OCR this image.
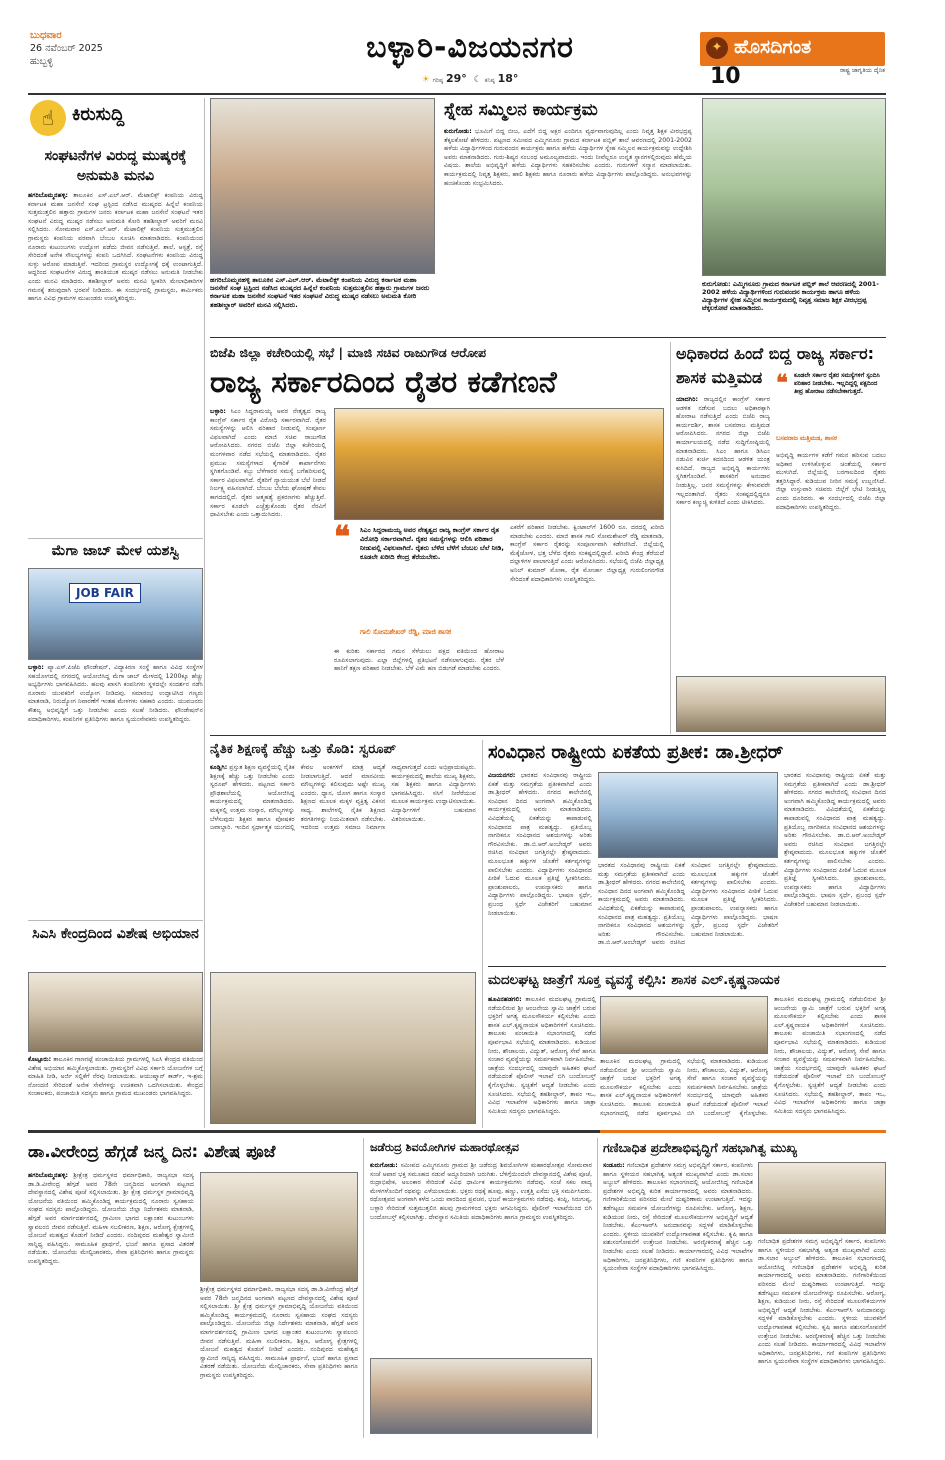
ಬುಧವಾರ
26 ನವೆಂಬರ್ 2025
ಹುಬ್ಬಳ್ಳಿ	ಬಳ್ಳಾರಿ-ವಿಜಯನಗರ
☀ ಗರಿಷ್ಠ 29° ☾ ಕನಿಷ್ಠ 18°
✦ ಹೊಸದಿಗಂತ
ರಾಷ್ಟ್ರ ಜಾಗೃತಿಯ ದೈನಿಕ
10
☝ ಕಿರುಸುದ್ದಿ
ಸಂಘಟನೆಗಳ ವಿರುದ್ಧ ಮುಷ್ಕರಕ್ಕೆ ಅನುಮತಿ ಮನವಿ
ಹಗರಿಬೊಮ್ಮನಹಳ್ಳಿ: ತಾಲೂಕಿನ ಎಸ್.ಎಲ್.ಆರ್. ಮೆಟಾಲಿಕ್ಸ್ ಕಂಪನಿಯ ವಿರುದ್ಧ ಕರ್ನಾಟಕ ಮಹಾ ಜನಸೇನೆ ಸಂಘ ಟ್ರಸ್ಟಿಂದ ನಡೆಸಿದ ಮುಷ್ಕರದ ಹಿನ್ನೆಲೆ ಕಂಪನಿಯ ಸುತ್ತಮುತ್ತಲಿನ ಹತ್ತಾರು ಗ್ರಾಮಗಳ ಜನರು ಕರ್ನಾಟಕ ಮಹಾ ಜನಸೇನೆ ಸಂಘಟನೆ ಇತರ ಸಂಘಟನೆ ವಿರುದ್ಧ ಮುಷ್ಕರ ನಡೆಸಲು ಅನುಮತಿ ಕೋರಿ ತಹಶೀಲ್ದಾರ್ ಅವರಿಗೆ ಮನವಿ ಸಲ್ಲಿಸಿದರು. ಸೋಮವಾರ ಎಸ್.ಎಲ್.ಆರ್. ಮೆಟಾಲಿಕ್ಸ್ ಕಂಪನಿಯ ಸುತ್ತಮುತ್ತಲಿನ ಗ್ರಾಮಸ್ಥರು ಕಂಪನಿಯ ಪರವಾಗಿ ಬೆಂಬಲ ಸೂಚಿಸಿ ಮಾತನಾಡಿದರು. ಕಂಪನಿಯಿಂದ ನೂರಾರು ಕುಟುಂಬಗಳು ಉದ್ಯೋಗ ಪಡೆದು ಜೀವನ ನಡೆಸುತ್ತಿವೆ. ಶಾಲೆ, ಆಸ್ಪತ್ರೆ, ರಸ್ತೆ ಸೇರಿದಂತೆ ಅನೇಕ ಸೌಲಭ್ಯಗಳನ್ನು ಕಂಪನಿ ಒದಗಿಸಿದೆ. ಸಂಘಟನೆಗಳು ಕಂಪನಿಯ ವಿರುದ್ಧ ಸುಳ್ಳು ಆರೋಪ ಮಾಡುತ್ತಿವೆ. ಇದರಿಂದ ಗ್ರಾಮಸ್ಥರ ಉದ್ಯೋಗಕ್ಕೆ ಧಕ್ಕೆ ಉಂಟಾಗುತ್ತಿದೆ. ಆದ್ದರಿಂದ ಸಂಘಟನೆಗಳ ವಿರುದ್ಧ ಶಾಂತಿಯುತ ಮುಷ್ಕರ ನಡೆಸಲು ಅನುಮತಿ ನೀಡಬೇಕು ಎಂದು ಮನವಿ ಮಾಡಿದರು. ತಹಶೀಲ್ದಾರ್ ಅವರು ಮನವಿ ಸ್ವೀಕರಿಸಿ ಮೇಲಾಧಿಕಾರಿಗಳ ಗಮನಕ್ಕೆ ತರುವುದಾಗಿ ಭರವಸೆ ನೀಡಿದರು. ಈ ಸಂದರ್ಭದಲ್ಲಿ ಗ್ರಾಮಸ್ಥರು, ಕಾರ್ಮಿಕರು ಹಾಗೂ ವಿವಿಧ ಗ್ರಾಮಗಳ ಮುಖಂಡರು ಉಪಸ್ಥಿತರಿದ್ದರು.
ಮೆಗಾ ಜಾಬ್ ಮೇಳ ಯಶಸ್ವಿ
JOB FAIR
ಬಳ್ಳಾರಿ: ಪ್ಯಾ.ಎಸ್.ಪಿಜೆಪಿ ಫೌಂಡೇಷನ್, ವಿದ್ಯಾಕಿರಣ ಸಂಸ್ಥೆ ಹಾಗೂ ವಿವಿಧ ಸಂಸ್ಥೆಗಳ ಸಹಯೋಗದಲ್ಲಿ ನಗರದಲ್ಲಿ ಆಯೋಜಿಸಿದ್ದ ಮೆಗಾ ಜಾಬ್ ಮೇಳದಲ್ಲಿ 1200ಕ್ಕೂ ಹೆಚ್ಚು ಅಭ್ಯರ್ಥಿಗಳು ಭಾಗವಹಿಸಿದರು. ಹಲವು ಖಾಸಗಿ ಕಂಪನಿಗಳು ಸ್ಥಳದಲ್ಲೇ ಸಂದರ್ಶನ ನಡೆಸಿ ನೂರಾರು ಯುವಕರಿಗೆ ಉದ್ಯೋಗ ನೀಡಿದವು. ಸಮಾರಂಭ ಉದ್ಘಾಟಿಸಿದ ಗಣ್ಯರು ಮಾತನಾಡಿ, ನಿರುದ್ಯೋಗ ನಿವಾರಣೆಗೆ ಇಂತಹ ಮೇಳಗಳು ಸಹಕಾರಿ ಎಂದರು. ಯುವಜನರು ಕೌಶಲ್ಯ ಅಭಿವೃದ್ಧಿಗೆ ಒತ್ತು ನೀಡಬೇಕು ಎಂದು ಸಲಹೆ ನೀಡಿದರು. ಫೌಂಡೇಷನ್‌ನ ಪದಾಧಿಕಾರಿಗಳು, ಕಂಪನಿಗಳ ಪ್ರತಿನಿಧಿಗಳು ಹಾಗೂ ಸ್ವಯಂಸೇವಕರು ಉಪಸ್ಥಿತರಿದ್ದರು.
ಸಿಎಸಿ ಕೇಂದ್ರದಿಂದ ವಿಶೇಷ ಅಭಿಯಾನ
ಕೊಟ್ಟೂರು: ತಾಲೂಕಿನ ಗಾಣಗಟ್ಟೆ ಪಂಚಾಯಿತಿಯ ಗ್ರಾಮಗಳಲ್ಲಿ ಸಿಎಸಿ ಕೇಂದ್ರದ ವತಿಯಿಂದ ವಿಶೇಷ ಅಭಿಯಾನ ಹಮ್ಮಿಕೊಳ್ಳಲಾಯಿತು. ಗ್ರಾಮಸ್ಥರಿಗೆ ವಿವಿಧ ಸರ್ಕಾರಿ ಯೋಜನೆಗಳ ಬಗ್ಗೆ ಮಾಹಿತಿ ನೀಡಿ, ಅರ್ಜಿ ಸಲ್ಲಿಕೆಗೆ ನೆರವು ನೀಡಲಾಯಿತು. ಆಯುಷ್ಮಾನ್ ಕಾರ್ಡ್, ಇ-ಶ್ರಮ ನೋಂದಣಿ ಸೇರಿದಂತೆ ಅನೇಕ ಸೇವೆಗಳನ್ನು ಉಚಿತವಾಗಿ ಒದಗಿಸಲಾಯಿತು. ಕೇಂದ್ರದ ಸಂಚಾಲಕರು, ಪಂಚಾಯಿತಿ ಸದಸ್ಯರು ಹಾಗೂ ಗ್ರಾಮದ ಮುಖಂಡರು ಭಾಗವಹಿಸಿದ್ದರು.
ಹಗರಿಬೊಮ್ಮನಹಳ್ಳಿ ತಾಲೂಕಿನ ಎಸ್.ಎಲ್.ಆರ್. ಮೆಟಾಲಿಕ್ಸ್ ಕಂಪನಿಯ ವಿರುದ್ಧ ಕರ್ನಾಟಕ ಮಹಾ ಜನಸೇನೆ ಸಂಘ ಟ್ರಸ್ಟಿಂದ ನಡೆಸಿದ ಮುಷ್ಕರದ ಹಿನ್ನೆಲೆ ಕಂಪನಿಯ ಸುತ್ತಮುತ್ತಲಿನ ಹತ್ತಾರು ಗ್ರಾಮಗಳ ಜನರು ಕರ್ನಾಟಕ ಮಹಾ ಜನಸೇನೆ ಸಂಘಟನೆ ಇತರ ಸಂಘಟನೆ ವಿರುದ್ಧ ಮುಷ್ಕರ ನಡೆಸಲು ಅನುಮತಿ ಕೋರಿ ತಹಶೀಲ್ದಾರ್ ಅವರಿಗೆ ಮನವಿ ಸಲ್ಲಿಸಿದರು.
ಸ್ನೇಹ ಸಮ್ಮಿಲನ ಕಾರ್ಯಕ್ರಮ
ಕುರುಗೋಡು: ಭೂಮಿಗೆ ಬಿದ್ದ ಬೀಜ, ಎದೆಗೆ ಬಿದ್ದ ಅಕ್ಷರ ಎಂದಿಗೂ ವ್ಯರ್ಥವಾಗುವುದಿಲ್ಲ ಎಂದು ನಿವೃತ್ತ ಶಿಕ್ಷಕ ವೀರಭದ್ರಪ್ಪ ತೆಕ್ಕಲಕೋಟೆ ಹೇಳಿದರು. ಪಟ್ಟಣದ ಸಮೀಪದ ಎಮ್ಮಿಗನೂರು ಗ್ರಾಮದ ಕರ್ನಾಟಕ ಪಬ್ಲಿಕ್ ಶಾಲೆ ಆವರಣದಲ್ಲಿ 2001-2002 ಹಳೆಯ ವಿದ್ಯಾರ್ಥಿಗಳಿಂದ ಗುರುವಂದನ ಕಾರ್ಯಕ್ರಮ ಹಾಗೂ ಹಳೆಯ ವಿದ್ಯಾರ್ಥಿಗಳ ಸ್ನೇಹ ಸಮ್ಮಿಲನ ಕಾರ್ಯಕ್ರಮವನ್ನು ಉದ್ದೇಶಿಸಿ ಅವರು ಮಾತನಾಡಿದರು. ಗುರು-ಶಿಷ್ಯರ ಸಂಬಂಧ ಅಮೂಲ್ಯವಾದುದು. ಇಂದು ನೀವೆಲ್ಲರೂ ಉನ್ನತ ಸ್ಥಾನಗಳಲ್ಲಿರುವುದು ಹೆಮ್ಮೆಯ ವಿಷಯ. ಶಾಲೆಯ ಅಭಿವೃದ್ಧಿಗೆ ಹಳೆಯ ವಿದ್ಯಾರ್ಥಿಗಳು ಸಹಕರಿಸಬೇಕು ಎಂದರು. ಗುರುಗಳಿಗೆ ಸನ್ಮಾನ ಮಾಡಲಾಯಿತು. ಕಾರ್ಯಕ್ರಮದಲ್ಲಿ ನಿವೃತ್ತ ಶಿಕ್ಷಕರು, ಹಾಲಿ ಶಿಕ್ಷಕರು ಹಾಗೂ ನೂರಾರು ಹಳೆಯ ವಿದ್ಯಾರ್ಥಿಗಳು ಪಾಲ್ಗೊಂಡಿದ್ದರು. ಅನುಭವಗಳನ್ನು ಹಂಚಿಕೊಂಡು ಸಂಭ್ರಮಿಸಿದರು.
ಕುರುಗೋಡು: ಎಮ್ಮಿಗನೂರು ಗ್ರಾಮದ ಕರ್ನಾಟಕ ಪಬ್ಲಿಕ್ ಶಾಲೆ ಆವರಣದಲ್ಲಿ 2001-2002 ಹಳೆಯ ವಿದ್ಯಾರ್ಥಿಗಳಿಂದ ಗುರುವಂದನ ಕಾರ್ಯಕ್ರಮ ಹಾಗೂ ಹಳೆಯ ವಿದ್ಯಾರ್ಥಿಗಳ ಸ್ನೇಹ ಸಮ್ಮಿಲನ ಕಾರ್ಯಕ್ರಮದಲ್ಲಿ ನಿವೃತ್ತ ಸಮಾಜ ಶಿಕ್ಷಕ ವೀರಭದ್ರಪ್ಪ ಟೆಕ್ಕಲಕೋಟೆ ಮಾತನಾಡಿದರು.
ಬಿಜೆಪಿ ಜಿಲ್ಲಾ ಕಚೇರಿಯಲ್ಲಿ ಸಭೆ | ಮಾಜಿ ಸಚಿವ ರಾಜುಗೌಡ ಆರೋಪ
ರಾಜ್ಯ ಸರ್ಕಾರದಿಂದ ರೈತರ ಕಡೆಗಣನೆ
ಬಳ್ಳಾರಿ: ಸಿಎಂ ಸಿದ್ದರಾಮಯ್ಯ ಅವರ ನೇತೃತ್ವದ ರಾಜ್ಯ ಕಾಂಗ್ರೆಸ್ ಸರ್ಕಾರ ರೈತ ವಿರೋಧಿ ಸರ್ಕಾರವಾಗಿದೆ. ರೈತರ ಸಮಸ್ಯೆಗಳನ್ನು ಆಲಿಸಿ ಪರಿಹಾರ ನೀಡುವಲ್ಲಿ ಸಂಪೂರ್ಣ ವಿಫಲವಾಗಿದೆ ಎಂದು ಮಾಜಿ ಸಚಿವ ರಾಜುಗೌಡ ಆರೋಪಿಸಿದರು. ನಗರದ ಬಿಜೆಪಿ ಜಿಲ್ಲಾ ಕಚೇರಿಯಲ್ಲಿ ಮಂಗಳವಾರ ನಡೆದ ಸಭೆಯಲ್ಲಿ ಮಾತನಾಡಿದರು. ರೈತರ ಪ್ರಮುಖ ಸಮಸ್ಯೆಗಳಾದ ಕೈಗಾರಿಕೆ ಕಾರ್ಖಾನೆಗಳು ಸ್ಥಗಿತಗೊಂಡಿವೆ. ಕಬ್ಬು ಬೆಳೆಗಾರರ ಸಮಸ್ಯೆ ಬಗೆಹರಿಸುವಲ್ಲಿ ಸರ್ಕಾರ ವಿಫಲವಾಗಿದೆ. ರೈತರಿಗೆ ನ್ಯಾಯಯುತ ಬೆಲೆ ನೀಡದೆ ನಿರ್ಲಕ್ಷ್ಯ ವಹಿಸಲಾಗಿದೆ. ಬೆಂಬಲ ಬೆಲೆಯ ಘೋಷಣೆ ಕೇವಲ ಕಾಗದದಲ್ಲಿದೆ. ರೈತರ ಆತ್ಮಹತ್ಯೆ ಪ್ರಕರಣಗಳು ಹೆಚ್ಚುತ್ತಿವೆ. ಸರ್ಕಾರ ಕೂಡಲೇ ಎಚ್ಚೆತ್ತುಕೊಂಡು ರೈತರ ನೆರವಿಗೆ ಧಾವಿಸಬೇಕು ಎಂದು ಒತ್ತಾಯಿಸಿದರು.
❝ ಸಿಎಂ ಸಿದ್ದರಾಮಯ್ಯ ಅವರ ನೇತೃತ್ವದ ರಾಜ್ಯ ಕಾಂಗ್ರೆಸ್ ಸರ್ಕಾರ ರೈತ ವಿರೋಧಿ ಸರ್ಕಾರವಾಗಿದೆ. ರೈತರ ಸಮಸ್ಯೆಗಳನ್ನು ಆಲಿಸಿ ಪರಿಹಾರ ನೀಡುವಲ್ಲಿ ವಿಫಲವಾಗಿದೆ. ರೈತರು ಬೆಳೆದ ಬೆಳೆಗೆ ಬೆಂಬಲ ಬೆಲೆ ನೀಡಿ, ಕೂಡಲೇ ಖರೀದಿ ಕೇಂದ್ರ ತೆರೆಯಬೇಕು.
ಗಾಲಿ ಸೋಮಶೇಖರ್ ರೆಡ್ಡಿ, ಮಾಜಿ ಶಾಸಕ
ಎಕರೆಗೆ ಪರಿಹಾರ ನೀಡಬೇಕು. ಕ್ವಿಂಟಾಲ್‌ಗೆ 1600 ರೂ. ದರದಲ್ಲಿ ಖರೀದಿ ಮಾಡಬೇಕು ಎಂದರು. ಮಾಜಿ ಶಾಸಕ ಗಾಲಿ ಸೋಮಶೇಖರ್ ರೆಡ್ಡಿ ಮಾತನಾಡಿ, ಕಾಂಗ್ರೆಸ್ ಸರ್ಕಾರ ರೈತರನ್ನು ಸಂಪೂರ್ಣವಾಗಿ ಕಡೆಗಣಿಸಿದೆ. ಜಿಲ್ಲೆಯಲ್ಲಿ ಮೆಕ್ಕೆಜೋಳ, ಭತ್ತ ಬೆಳೆದ ರೈತರು ಸಂಕಷ್ಟದಲ್ಲಿದ್ದಾರೆ. ಖರೀದಿ ಕೇಂದ್ರ ತೆರೆಯದೆ ದಲ್ಲಾಳಿಗಳ ಪಾಲಾಗುತ್ತಿದೆ ಎಂದು ಆರೋಪಿಸಿದರು. ಸಭೆಯಲ್ಲಿ ಬಿಜೆಪಿ ಜಿಲ್ಲಾಧ್ಯಕ್ಷ ಅನಿಲ್ ಕುಮಾರ್ ಮೋಕಾ, ರೈತ ಮೋರ್ಚಾ ಜಿಲ್ಲಾಧ್ಯಕ್ಷ ಗುರುಲಿಂಗನಗೌಡ ಸೇರಿದಂತೆ ಪದಾಧಿಕಾರಿಗಳು ಉಪಸ್ಥಿತರಿದ್ದರು.
ಈ ಕುರಿತು ಸರ್ಕಾರದ ಗಮನ ಸೆಳೆಯಲು ಪಕ್ಷದ ವತಿಯಿಂದ ಹೋರಾಟ ರೂಪಿಸಲಾಗುವುದು. ಎಲ್ಲಾ ಜಿಲ್ಲೆಗಳಲ್ಲಿ ಪ್ರತಿಭಟನೆ ನಡೆಸಲಾಗುವುದು. ರೈತರ ಬೆಳೆ ಹಾನಿಗೆ ತಕ್ಷಣ ಪರಿಹಾರ ನೀಡಬೇಕು. ಬೆಳೆ ವಿಮೆ ಹಣ ಬಿಡುಗಡೆ ಮಾಡಬೇಕು ಎಂದರು.
ಅಧಿಕಾರದ ಹಿಂದೆ ಬಿದ್ದ ರಾಜ್ಯ ಸರ್ಕಾರ: ಶಾಸಕ ಮತ್ತಿಮಡ
ಯಾದಗಿರಿ: ರಾಜ್ಯದಲ್ಲಿನ ಕಾಂಗ್ರೆಸ್ ಸರ್ಕಾರ ಆಡಳಿತ ನಡೆಸುವ ಬದಲು ಅಧಿಕಾರಕ್ಕಾಗಿ ಹೋರಾಟ ನಡೆಸುತ್ತಿದೆ ಎಂದು ಬಿಜೆಪಿ ರಾಜ್ಯ ಕಾರ್ಯದರ್ಶಿ, ಶಾಸಕ ಬಸವರಾಜ ಮತ್ತಿಮಡ ಆರೋಪಿಸಿದರು. ನಗರದ ಜಿಲ್ಲಾ ಬಿಜೆಪಿ ಕಾರ್ಯಾಲಯದಲ್ಲಿ ನಡೆದ ಸುದ್ದಿಗೋಷ್ಠಿಯಲ್ಲಿ ಮಾತನಾಡಿದರು. ಸಿಎಂ ಹಾಗೂ ಡಿಸಿಎಂ ನಡುವಿನ ಕುರ್ಚಿ ಕದನದಿಂದ ಆಡಳಿತ ಯಂತ್ರ ಕುಸಿದಿದೆ. ರಾಜ್ಯದ ಅಭಿವೃದ್ಧಿ ಕಾರ್ಯಗಳು ಸ್ಥಗಿತಗೊಂಡಿವೆ. ಶಾಸಕರಿಗೆ ಅನುದಾನ ನೀಡುತ್ತಿಲ್ಲ. ಜನರ ಸಮಸ್ಯೆಗಳನ್ನು ಕೇಳುವವರೇ ಇಲ್ಲದಂತಾಗಿದೆ. ರೈತರು ಸಂಕಷ್ಟದಲ್ಲಿದ್ದರೂ ಸರ್ಕಾರ ಕಣ್ಮುಚ್ಚಿ ಕುಳಿತಿದೆ ಎಂದು ಟೀಕಿಸಿದರು.
❝ ಕೂಡಲೇ ಸರ್ಕಾರ ರೈತರ ಸಮಸ್ಯೆಗಳಿಗೆ ಸ್ಪಂದಿಸಿ ಪರಿಹಾರ ನೀಡಬೇಕು. ಇಲ್ಲದಿದ್ದಲ್ಲಿ ಪಕ್ಷದಿಂದ ತೀವ್ರ ಹೋರಾಟ ನಡೆಸಬೇಕಾಗುತ್ತದೆ.
ಬಸವರಾಜ ಮತ್ತಿಮಡ, ಶಾಸಕ
ಅಭಿವೃದ್ಧಿ ಕಾರ್ಯಗಳ ಕಡೆಗೆ ಗಮನ ಹರಿಸುವ ಬದಲು ಅಧಿಕಾರ ಉಳಿಸಿಕೊಳ್ಳುವ ಚಿಂತೆಯಲ್ಲಿ ಸರ್ಕಾರ ಮುಳುಗಿದೆ. ಜಿಲ್ಲೆಯಲ್ಲಿ ಬರಗಾಲದಿಂದ ರೈತರು ತತ್ತರಿಸಿದ್ದಾರೆ. ಕುಡಿಯುವ ನೀರಿನ ಸಮಸ್ಯೆ ಉಲ್ಬಣಿಸಿದೆ. ಜಿಲ್ಲಾ ಉಸ್ತುವಾರಿ ಸಚಿವರು ಜಿಲ್ಲೆಗೆ ಭೇಟಿ ನೀಡುತ್ತಿಲ್ಲ ಎಂದು ದೂರಿದರು. ಈ ಸಂದರ್ಭದಲ್ಲಿ ಬಿಜೆಪಿ ಜಿಲ್ಲಾ ಪದಾಧಿಕಾರಿಗಳು ಉಪಸ್ಥಿತರಿದ್ದರು.
ನೈತಿಕ ಶಿಕ್ಷಣಕ್ಕೆ ಹೆಚ್ಚು ಒತ್ತು ಕೊಡಿ: ಸ್ವರೂಪ್
ಕೂಡ್ಲಿಗಿ: ಪ್ರಸ್ತುತ ಶಿಕ್ಷಣ ವ್ಯವಸ್ಥೆಯಲ್ಲಿ ನೈತಿಕ ಶಿಕ್ಷಣಕ್ಕೆ ಹೆಚ್ಚು ಒತ್ತು ನೀಡಬೇಕು ಎಂದು ಸ್ವರೂಪ್ ಹೇಳಿದರು. ಪಟ್ಟಣದ ಸರ್ಕಾರಿ ಪ್ರೌಢಶಾಲೆಯಲ್ಲಿ ಆಯೋಜಿಸಿದ್ದ ಕಾರ್ಯಕ್ರಮದಲ್ಲಿ ಮಾತನಾಡಿದರು. ಮಕ್ಕಳಲ್ಲಿ ಉತ್ತಮ ಸಂಸ್ಕಾರ, ಮೌಲ್ಯಗಳನ್ನು ಬೆಳೆಸುವುದು ಶಿಕ್ಷಕರ ಹಾಗೂ ಪೋಷಕರ ಜವಾಬ್ದಾರಿ. ಇಂದಿನ ಸ್ಪರ್ಧಾತ್ಮಕ ಯುಗದಲ್ಲಿ ಕೇವಲ ಅಂಕಗಳಿಗೆ ಮಾತ್ರ ಆದ್ಯತೆ ನೀಡಲಾಗುತ್ತಿದೆ. ಆದರೆ ಮಾನವೀಯ ಮೌಲ್ಯಗಳನ್ನು ಕಲಿಸುವುದು ಅಷ್ಟೇ ಮುಖ್ಯ ಎಂದರು. ಧ್ಯಾನ, ಯೋಗ ಹಾಗೂ ಸಂಸ್ಕಾರ ಶಿಕ್ಷಣದ ಮೂಲಕ ಮಕ್ಕಳ ವ್ಯಕ್ತಿತ್ವ ವಿಕಸನ ಸಾಧ್ಯ. ಶಾಲೆಗಳಲ್ಲಿ ನೈತಿಕ ಶಿಕ್ಷಣದ ತರಗತಿಗಳನ್ನು ನಿಯಮಿತವಾಗಿ ನಡೆಸಬೇಕು. ಇದರಿಂದ ಉತ್ತಮ ಸಮಾಜ ನಿರ್ಮಾಣ ಸಾಧ್ಯವಾಗುತ್ತದೆ ಎಂದು ಅಭಿಪ್ರಾಯಪಟ್ಟರು. ಕಾರ್ಯಕ್ರಮದಲ್ಲಿ ಶಾಲೆಯ ಮುಖ್ಯ ಶಿಕ್ಷಕರು, ಸಹ ಶಿಕ್ಷಕರು ಹಾಗೂ ವಿದ್ಯಾರ್ಥಿಗಳು ಭಾಗವಹಿಸಿದ್ದರು. ಸಸಿಗೆ ನೀರೆರೆಯುವ ಮೂಲಕ ಕಾರ್ಯಕ್ರಮ ಉದ್ಘಾಟಿಸಲಾಯಿತು. ವಿದ್ಯಾರ್ಥಿಗಳಿಗೆ ಬಹುಮಾನ ವಿತರಿಸಲಾಯಿತು.
ಸಂವಿಧಾನ ರಾಷ್ಟ್ರೀಯ ಏಕತೆಯ ಪ್ರತೀಕ: ಡಾ.ಶ್ರೀಧರ್
ವಿಜಯನಗರ: ಭಾರತದ ಸಂವಿಧಾನವು ರಾಷ್ಟ್ರೀಯ ಏಕತೆ ಮತ್ತು ಸಮಗ್ರತೆಯ ಪ್ರತೀಕವಾಗಿದೆ ಎಂದು ಡಾ.ಶ್ರೀಧರ್ ಹೇಳಿದರು. ನಗರದ ಕಾಲೇಜಿನಲ್ಲಿ ಸಂವಿಧಾನ ದಿನದ ಅಂಗವಾಗಿ ಹಮ್ಮಿಕೊಂಡಿದ್ದ ಕಾರ್ಯಕ್ರಮದಲ್ಲಿ ಅವರು ಮಾತನಾಡಿದರು. ವಿವಿಧತೆಯಲ್ಲಿ ಏಕತೆಯನ್ನು ಕಾಪಾಡುವಲ್ಲಿ ಸಂವಿಧಾನದ ಪಾತ್ರ ಮಹತ್ವದ್ದು. ಪ್ರತಿಯೊಬ್ಬ ನಾಗರಿಕನೂ ಸಂವಿಧಾನದ ಆಶಯಗಳನ್ನು ಅರಿತು ಗೌರವಿಸಬೇಕು. ಡಾ.ಬಿ.ಆರ್.ಅಂಬೇಡ್ಕರ್ ಅವರು ರಚಿಸಿದ ಸಂವಿಧಾನ ಜಗತ್ತಿನಲ್ಲೇ ಶ್ರೇಷ್ಠವಾದುದು. ಮೂಲಭೂತ ಹಕ್ಕುಗಳ ಜೊತೆಗೆ ಕರ್ತವ್ಯಗಳನ್ನು ಪಾಲಿಸಬೇಕು ಎಂದರು. ವಿದ್ಯಾರ್ಥಿಗಳು ಸಂವಿಧಾನದ ಪೀಠಿಕೆ ಓದುವ ಮೂಲಕ ಪ್ರತಿಜ್ಞೆ ಸ್ವೀಕರಿಸಿದರು. ಪ್ರಾಂಶುಪಾಲರು, ಉಪನ್ಯಾಸಕರು ಹಾಗೂ ವಿದ್ಯಾರ್ಥಿಗಳು ಪಾಲ್ಗೊಂಡಿದ್ದರು. ಭಾಷಣ ಸ್ಪರ್ಧೆ, ಪ್ರಬಂಧ ಸ್ಪರ್ಧೆ ವಿಜೇತರಿಗೆ ಬಹುಮಾನ ನೀಡಲಾಯಿತು.
ಭಾರತದ ಸಂವಿಧಾನವು ರಾಷ್ಟ್ರೀಯ ಏಕತೆ ಮತ್ತು ಸಮಗ್ರತೆಯ ಪ್ರತೀಕವಾಗಿದೆ ಎಂದು ಡಾ.ಶ್ರೀಧರ್ ಹೇಳಿದರು. ನಗರದ ಕಾಲೇಜಿನಲ್ಲಿ ಸಂವಿಧಾನ ದಿನದ ಅಂಗವಾಗಿ ಹಮ್ಮಿಕೊಂಡಿದ್ದ ಕಾರ್ಯಕ್ರಮದಲ್ಲಿ ಅವರು ಮಾತನಾಡಿದರು. ವಿವಿಧತೆಯಲ್ಲಿ ಏಕತೆಯನ್ನು ಕಾಪಾಡುವಲ್ಲಿ ಸಂವಿಧಾನದ ಪಾತ್ರ ಮಹತ್ವದ್ದು. ಪ್ರತಿಯೊಬ್ಬ ನಾಗರಿಕನೂ ಸಂವಿಧಾನದ ಆಶಯಗಳನ್ನು ಅರಿತು ಗೌರವಿಸಬೇಕು. ಡಾ.ಬಿ.ಆರ್.ಅಂಬೇಡ್ಕರ್ ಅವರು ರಚಿಸಿದ ಸಂವಿಧಾನ ಜಗತ್ತಿನಲ್ಲೇ ಶ್ರೇಷ್ಠವಾದುದು. ಮೂಲಭೂತ ಹಕ್ಕುಗಳ ಜೊತೆಗೆ ಕರ್ತವ್ಯಗಳನ್ನು ಪಾಲಿಸಬೇಕು ಎಂದರು. ವಿದ್ಯಾರ್ಥಿಗಳು ಸಂವಿಧಾನದ ಪೀಠಿಕೆ ಓದುವ ಮೂಲಕ ಪ್ರತಿಜ್ಞೆ ಸ್ವೀಕರಿಸಿದರು. ಪ್ರಾಂಶುಪಾಲರು, ಉಪನ್ಯಾಸಕರು ಹಾಗೂ ವಿದ್ಯಾರ್ಥಿಗಳು ಪಾಲ್ಗೊಂಡಿದ್ದರು. ಭಾಷಣ ಸ್ಪರ್ಧೆ, ಪ್ರಬಂಧ ಸ್ಪರ್ಧೆ ವಿಜೇತರಿಗೆ ಬಹುಮಾನ ನೀಡಲಾಯಿತು.
ಭಾರತದ ಸಂವಿಧಾನವು ರಾಷ್ಟ್ರೀಯ ಏಕತೆ ಮತ್ತು ಸಮಗ್ರತೆಯ ಪ್ರತೀಕವಾಗಿದೆ ಎಂದು ಡಾ.ಶ್ರೀಧರ್ ಹೇಳಿದರು. ನಗರದ ಕಾಲೇಜಿನಲ್ಲಿ ಸಂವಿಧಾನ ದಿನದ ಅಂಗವಾಗಿ ಹಮ್ಮಿಕೊಂಡಿದ್ದ ಕಾರ್ಯಕ್ರಮದಲ್ಲಿ ಅವರು ಮಾತನಾಡಿದರು. ವಿವಿಧತೆಯಲ್ಲಿ ಏಕತೆಯನ್ನು ಕಾಪಾಡುವಲ್ಲಿ ಸಂವಿಧಾನದ ಪಾತ್ರ ಮಹತ್ವದ್ದು. ಪ್ರತಿಯೊಬ್ಬ ನಾಗರಿಕನೂ ಸಂವಿಧಾನದ ಆಶಯಗಳನ್ನು ಅರಿತು ಗೌರವಿಸಬೇಕು. ಡಾ.ಬಿ.ಆರ್.ಅಂಬೇಡ್ಕರ್ ಅವರು ರಚಿಸಿದ ಸಂವಿಧಾನ ಜಗತ್ತಿನಲ್ಲೇ ಶ್ರೇಷ್ಠವಾದುದು. ಮೂಲಭೂತ ಹಕ್ಕುಗಳ ಜೊತೆಗೆ ಕರ್ತವ್ಯಗಳನ್ನು ಪಾಲಿಸಬೇಕು ಎಂದರು. ವಿದ್ಯಾರ್ಥಿಗಳು ಸಂವಿಧಾನದ ಪೀಠಿಕೆ ಓದುವ ಮೂಲಕ ಪ್ರತಿಜ್ಞೆ ಸ್ವೀಕರಿಸಿದರು. ಪ್ರಾಂಶುಪಾಲರು, ಉಪನ್ಯಾಸಕರು ಹಾಗೂ ವಿದ್ಯಾರ್ಥಿಗಳು ಪಾಲ್ಗೊಂಡಿದ್ದರು. ಭಾಷಣ ಸ್ಪರ್ಧೆ, ಪ್ರಬಂಧ ಸ್ಪರ್ಧೆ ವಿಜೇತರಿಗೆ ಬಹುಮಾನ ನೀಡಲಾಯಿತು.
ಮದಲಘಟ್ಟ ಜಾತ್ರೆಗೆ ಸೂಕ್ತ ವ್ಯವಸ್ಥೆ ಕಲ್ಪಿಸಿ: ಶಾಸಕ ಎಲ್.ಕೃಷ್ಣನಾಯಕ
ಹೂವಿನಹಡಗಲಿ: ತಾಲೂಕಿನ ಮದಲಘಟ್ಟ ಗ್ರಾಮದಲ್ಲಿ ನಡೆಯಲಿರುವ ಶ್ರೀ ಆಂಜನೇಯ ಸ್ವಾಮಿ ಜಾತ್ರೆಗೆ ಬರುವ ಭಕ್ತರಿಗೆ ಅಗತ್ಯ ಮೂಲಸೌಕರ್ಯ ಕಲ್ಪಿಸಬೇಕು ಎಂದು ಶಾಸಕ ಎಲ್.ಕೃಷ್ಣನಾಯಕ ಅಧಿಕಾರಿಗಳಿಗೆ ಸೂಚಿಸಿದರು. ತಾಲೂಕು ಪಂಚಾಯಿತಿ ಸಭಾಂಗಣದಲ್ಲಿ ನಡೆದ ಪೂರ್ವಭಾವಿ ಸಭೆಯಲ್ಲಿ ಮಾತನಾಡಿದರು. ಕುಡಿಯುವ ನೀರು, ಶೌಚಾಲಯ, ವಿದ್ಯುತ್, ಆರೋಗ್ಯ ಸೇವೆ ಹಾಗೂ ಸಂಚಾರ ವ್ಯವಸ್ಥೆಯನ್ನು ಸಮರ್ಪಕವಾಗಿ ನಿರ್ವಹಿಸಬೇಕು. ಜಾತ್ರೆಯ ಸಂದರ್ಭದಲ್ಲಿ ಯಾವುದೇ ಅಹಿತಕರ ಘಟನೆ ನಡೆಯದಂತೆ ಪೊಲೀಸ್ ಇಲಾಖೆ ಬಿಗಿ ಬಂದೋಬಸ್ತ್ ಕೈಗೊಳ್ಳಬೇಕು. ಸ್ವಚ್ಛತೆಗೆ ಆದ್ಯತೆ ನೀಡಬೇಕು ಎಂದು ಸೂಚಿಸಿದರು. ಸಭೆಯಲ್ಲಿ ತಹಶೀಲ್ದಾರ್, ತಾಪಂ ಇಒ, ವಿವಿಧ ಇಲಾಖೆಗಳ ಅಧಿಕಾರಿಗಳು ಹಾಗೂ ಜಾತ್ರಾ ಸಮಿತಿಯ ಸದಸ್ಯರು ಭಾಗವಹಿಸಿದ್ದರು.
ತಾಲೂಕಿನ ಮದಲಘಟ್ಟ ಗ್ರಾಮದಲ್ಲಿ ನಡೆಯಲಿರುವ ಶ್ರೀ ಆಂಜನೇಯ ಸ್ವಾಮಿ ಜಾತ್ರೆಗೆ ಬರುವ ಭಕ್ತರಿಗೆ ಅಗತ್ಯ ಮೂಲಸೌಕರ್ಯ ಕಲ್ಪಿಸಬೇಕು ಎಂದು ಶಾಸಕ ಎಲ್.ಕೃಷ್ಣನಾಯಕ ಅಧಿಕಾರಿಗಳಿಗೆ ಸೂಚಿಸಿದರು. ತಾಲೂಕು ಪಂಚಾಯಿತಿ ಸಭಾಂಗಣದಲ್ಲಿ ನಡೆದ ಪೂರ್ವಭಾವಿ ಸಭೆಯಲ್ಲಿ ಮಾತನಾಡಿದರು. ಕುಡಿಯುವ ನೀರು, ಶೌಚಾಲಯ, ವಿದ್ಯುತ್, ಆರೋಗ್ಯ ಸೇವೆ ಹಾಗೂ ಸಂಚಾರ ವ್ಯವಸ್ಥೆಯನ್ನು ಸಮರ್ಪಕವಾಗಿ ನಿರ್ವಹಿಸಬೇಕು. ಜಾತ್ರೆಯ ಸಂದರ್ಭದಲ್ಲಿ ಯಾವುದೇ ಅಹಿತಕರ ಘಟನೆ ನಡೆಯದಂತೆ ಪೊಲೀಸ್ ಇಲಾಖೆ ಬಿಗಿ ಬಂದೋಬಸ್ತ್ ಕೈಗೊಳ್ಳಬೇಕು.
ತಾಲೂಕಿನ ಮದಲಘಟ್ಟ ಗ್ರಾಮದಲ್ಲಿ ನಡೆಯಲಿರುವ ಶ್ರೀ ಆಂಜನೇಯ ಸ್ವಾಮಿ ಜಾತ್ರೆಗೆ ಬರುವ ಭಕ್ತರಿಗೆ ಅಗತ್ಯ ಮೂಲಸೌಕರ್ಯ ಕಲ್ಪಿಸಬೇಕು ಎಂದು ಶಾಸಕ ಎಲ್.ಕೃಷ್ಣನಾಯಕ ಅಧಿಕಾರಿಗಳಿಗೆ ಸೂಚಿಸಿದರು. ತಾಲೂಕು ಪಂಚಾಯಿತಿ ಸಭಾಂಗಣದಲ್ಲಿ ನಡೆದ ಪೂರ್ವಭಾವಿ ಸಭೆಯಲ್ಲಿ ಮಾತನಾಡಿದರು. ಕುಡಿಯುವ ನೀರು, ಶೌಚಾಲಯ, ವಿದ್ಯುತ್, ಆರೋಗ್ಯ ಸೇವೆ ಹಾಗೂ ಸಂಚಾರ ವ್ಯವಸ್ಥೆಯನ್ನು ಸಮರ್ಪಕವಾಗಿ ನಿರ್ವಹಿಸಬೇಕು. ಜಾತ್ರೆಯ ಸಂದರ್ಭದಲ್ಲಿ ಯಾವುದೇ ಅಹಿತಕರ ಘಟನೆ ನಡೆಯದಂತೆ ಪೊಲೀಸ್ ಇಲಾಖೆ ಬಿಗಿ ಬಂದೋಬಸ್ತ್ ಕೈಗೊಳ್ಳಬೇಕು. ಸ್ವಚ್ಛತೆಗೆ ಆದ್ಯತೆ ನೀಡಬೇಕು ಎಂದು ಸೂಚಿಸಿದರು. ಸಭೆಯಲ್ಲಿ ತಹಶೀಲ್ದಾರ್, ತಾಪಂ ಇಒ, ವಿವಿಧ ಇಲಾಖೆಗಳ ಅಧಿಕಾರಿಗಳು ಹಾಗೂ ಜಾತ್ರಾ ಸಮಿತಿಯ ಸದಸ್ಯರು ಭಾಗವಹಿಸಿದ್ದರು.
ಡಾ.ವೀರೇಂದ್ರ ಹೆಗ್ಗಡೆ ಜನ್ಮ ದಿನ: ವಿಶೇಷ ಪೂಜೆ
ಹಗರಿಬೊಮ್ಮನಹಳ್ಳಿ: ಶ್ರೀಕ್ಷೇತ್ರ ಧರ್ಮಸ್ಥಳದ ಧರ್ಮಾಧಿಕಾರಿ, ರಾಜ್ಯಸಭಾ ಸದಸ್ಯ ಡಾ.ಡಿ.ವೀರೇಂದ್ರ ಹೆಗ್ಗಡೆ ಅವರ 78ನೇ ಜನ್ಮದಿನದ ಅಂಗವಾಗಿ ಪಟ್ಟಣದ ದೇವಸ್ಥಾನದಲ್ಲಿ ವಿಶೇಷ ಪೂಜೆ ಸಲ್ಲಿಸಲಾಯಿತು. ಶ್ರೀ ಕ್ಷೇತ್ರ ಧರ್ಮಸ್ಥಳ ಗ್ರಾಮಾಭಿವೃದ್ಧಿ ಯೋಜನೆಯ ವತಿಯಿಂದ ಹಮ್ಮಿಕೊಂಡಿದ್ದ ಕಾರ್ಯಕ್ರಮದಲ್ಲಿ ನೂರಾರು ಸ್ವಸಹಾಯ ಸಂಘದ ಸದಸ್ಯರು ಪಾಲ್ಗೊಂಡಿದ್ದರು. ಯೋಜನೆಯ ಜಿಲ್ಲಾ ನಿರ್ದೇಶಕರು ಮಾತನಾಡಿ, ಹೆಗ್ಗಡೆ ಅವರ ಮಾರ್ಗದರ್ಶನದಲ್ಲಿ ಗ್ರಾಮೀಣ ಭಾಗದ ಲಕ್ಷಾಂತರ ಕುಟುಂಬಗಳು ಸ್ವಾವಲಂಬಿ ಜೀವನ ನಡೆಸುತ್ತಿವೆ. ಮಹಿಳಾ ಸಬಲೀಕರಣ, ಶಿಕ್ಷಣ, ಆರೋಗ್ಯ ಕ್ಷೇತ್ರಗಳಲ್ಲಿ ಯೋಜನೆ ಮಹತ್ವದ ಕೊಡುಗೆ ನೀಡಿದೆ ಎಂದರು. ನಂದಿಪುರದ ಮಹೇಶ್ವರ ಸ್ವಾಮೀಜಿ ಸಾನ್ನಿಧ್ಯ ವಹಿಸಿದ್ದರು. ಸಾಮೂಹಿಕ ಪ್ರಾರ್ಥನೆ, ಭಜನೆ ಹಾಗೂ ಪ್ರಸಾದ ವಿತರಣೆ ನಡೆಯಿತು. ಯೋಜನೆಯ ಮೇಲ್ವಿಚಾರಕರು, ಸೇವಾ ಪ್ರತಿನಿಧಿಗಳು ಹಾಗೂ ಗ್ರಾಮಸ್ಥರು ಉಪಸ್ಥಿತರಿದ್ದರು.
ಶ್ರೀಕ್ಷೇತ್ರ ಧರ್ಮಸ್ಥಳದ ಧರ್ಮಾಧಿಕಾರಿ, ರಾಜ್ಯಸಭಾ ಸದಸ್ಯ ಡಾ.ಡಿ.ವೀರೇಂದ್ರ ಹೆಗ್ಗಡೆ ಅವರ 78ನೇ ಜನ್ಮದಿನದ ಅಂಗವಾಗಿ ಪಟ್ಟಣದ ದೇವಸ್ಥಾನದಲ್ಲಿ ವಿಶೇಷ ಪೂಜೆ ಸಲ್ಲಿಸಲಾಯಿತು. ಶ್ರೀ ಕ್ಷೇತ್ರ ಧರ್ಮಸ್ಥಳ ಗ್ರಾಮಾಭಿವೃದ್ಧಿ ಯೋಜನೆಯ ವತಿಯಿಂದ ಹಮ್ಮಿಕೊಂಡಿದ್ದ ಕಾರ್ಯಕ್ರಮದಲ್ಲಿ ನೂರಾರು ಸ್ವಸಹಾಯ ಸಂಘದ ಸದಸ್ಯರು ಪಾಲ್ಗೊಂಡಿದ್ದರು. ಯೋಜನೆಯ ಜಿಲ್ಲಾ ನಿರ್ದೇಶಕರು ಮಾತನಾಡಿ, ಹೆಗ್ಗಡೆ ಅವರ ಮಾರ್ಗದರ್ಶನದಲ್ಲಿ ಗ್ರಾಮೀಣ ಭಾಗದ ಲಕ್ಷಾಂತರ ಕುಟುಂಬಗಳು ಸ್ವಾವಲಂಬಿ ಜೀವನ ನಡೆಸುತ್ತಿವೆ. ಮಹಿಳಾ ಸಬಲೀಕರಣ, ಶಿಕ್ಷಣ, ಆರೋಗ್ಯ ಕ್ಷೇತ್ರಗಳಲ್ಲಿ ಯೋಜನೆ ಮಹತ್ವದ ಕೊಡುಗೆ ನೀಡಿದೆ ಎಂದರು. ನಂದಿಪುರದ ಮಹೇಶ್ವರ ಸ್ವಾಮೀಜಿ ಸಾನ್ನಿಧ್ಯ ವಹಿಸಿದ್ದರು. ಸಾಮೂಹಿಕ ಪ್ರಾರ್ಥನೆ, ಭಜನೆ ಹಾಗೂ ಪ್ರಸಾದ ವಿತರಣೆ ನಡೆಯಿತು. ಯೋಜನೆಯ ಮೇಲ್ವಿಚಾರಕರು, ಸೇವಾ ಪ್ರತಿನಿಧಿಗಳು ಹಾಗೂ ಗ್ರಾಮಸ್ಥರು ಉಪಸ್ಥಿತರಿದ್ದರು.
ಜಡೆರುದ್ರ ಶಿವಯೋಗಿಗಳ ಮಹಾರಥೋತ್ಸವ
ಕುರುಗೋಡು: ಸಮೀಪದ ಎಮ್ಮಿಗನೂರು ಗ್ರಾಮದ ಶ್ರೀ ಜಡೆರುದ್ರ ಶಿವಯೋಗಿಗಳ ಮಹಾರಥೋತ್ಸವ ಸೋಮವಾರ ಸಂಜೆ ಅಪಾರ ಭಕ್ತ ಸಮೂಹದ ನಡುವೆ ಅದ್ಧೂರಿಯಾಗಿ ಜರುಗಿತು. ಬೆಳಿಗ್ಗೆಯಿಂದಲೇ ದೇವಸ್ಥಾನದಲ್ಲಿ ವಿಶೇಷ ಪೂಜೆ, ರುದ್ರಾಭಿಷೇಕ, ಅಲಂಕಾರ ಸೇರಿದಂತೆ ವಿವಿಧ ಧಾರ್ಮಿಕ ಕಾರ್ಯಕ್ರಮಗಳು ನಡೆದವು. ಸಂಜೆ ಸಕಲ ವಾದ್ಯ ಮೇಳಗಳೊಂದಿಗೆ ರಥವನ್ನು ಎಳೆಯಲಾಯಿತು. ಭಕ್ತರು ರಥಕ್ಕೆ ಹೂವು, ಹಣ್ಣು, ಉತ್ತತ್ತಿ ಎಸೆದು ಭಕ್ತಿ ಸಮರ್ಪಿಸಿದರು. ರಥೋತ್ಸವದ ಅಂಗವಾಗಿ ಕಳೆದ ಒಂದು ವಾರದಿಂದ ಪ್ರವಚನ, ಭಜನೆ ಕಾರ್ಯಕ್ರಮಗಳು ನಡೆದವು. ಕಂಪ್ಲಿ, ಸಿರುಗುಪ್ಪ, ಬಳ್ಳಾರಿ ಸೇರಿದಂತೆ ಸುತ್ತಮುತ್ತಲಿನ ಹಲವು ಗ್ರಾಮಗಳಿಂದ ಭಕ್ತರು ಆಗಮಿಸಿದ್ದರು. ಪೊಲೀಸ್ ಇಲಾಖೆಯಿಂದ ಬಿಗಿ ಬಂದೋಬಸ್ತ್ ಕಲ್ಪಿಸಲಾಗಿತ್ತು. ದೇವಸ್ಥಾನ ಸಮಿತಿಯ ಪದಾಧಿಕಾರಿಗಳು ಹಾಗೂ ಗ್ರಾಮಸ್ಥರು ಉಪಸ್ಥಿತರಿದ್ದರು.
ಗಣಿಬಾಧಿತ ಪ್ರದೇಶಾಭಿವೃದ್ಧಿಗೆ ಸಹಭಾಗಿತ್ವ ಮುಖ್ಯ
ಸಂಡೂರು: ಗಣಿಬಾಧಿತ ಪ್ರದೇಶಗಳ ಸಮಗ್ರ ಅಭಿವೃದ್ಧಿಗೆ ಸರ್ಕಾರ, ಕಂಪನಿಗಳು ಹಾಗೂ ಸ್ಥಳೀಯರ ಸಹಭಾಗಿತ್ವ ಅತ್ಯಂತ ಮುಖ್ಯವಾಗಿದೆ ಎಂದು ಡಾ.ಸಲಾಂ ಅಬ್ದುಲ್ ಹೇಳಿದರು. ತಾಲೂಕಿನ ಸಭಾಂಗಣದಲ್ಲಿ ಆಯೋಜಿಸಿದ್ದ ಗಣಿಬಾಧಿತ ಪ್ರದೇಶಗಳ ಅಭಿವೃದ್ಧಿ ಕುರಿತ ಕಾರ್ಯಾಗಾರದಲ್ಲಿ ಅವರು ಮಾತನಾಡಿದರು. ಗಣಿಗಾರಿಕೆಯಿಂದ ಪರಿಸರದ ಮೇಲೆ ದುಷ್ಪರಿಣಾಮ ಉಂಟಾಗುತ್ತಿದೆ. ಇದನ್ನು ತಡೆಗಟ್ಟಲು ಸಮರ್ಪಕ ಯೋಜನೆಗಳನ್ನು ರೂಪಿಸಬೇಕು. ಆರೋಗ್ಯ, ಶಿಕ್ಷಣ, ಕುಡಿಯುವ ನೀರು, ರಸ್ತೆ ಸೇರಿದಂತೆ ಮೂಲಸೌಕರ್ಯಗಳ ಅಭಿವೃದ್ಧಿಗೆ ಆದ್ಯತೆ ನೀಡಬೇಕು. ಕೆಎಂಇಆರ್‌ಸಿ ಅನುದಾನವನ್ನು ಸದ್ಬಳಕೆ ಮಾಡಿಕೊಳ್ಳಬೇಕು ಎಂದರು. ಸ್ಥಳೀಯ ಯುವಕರಿಗೆ ಉದ್ಯೋಗಾವಕಾಶ ಕಲ್ಪಿಸಬೇಕು. ಕೃಷಿ ಹಾಗೂ ಪಶುಸಂಗೋಪನೆಗೆ ಉತ್ತೇಜನ ನೀಡಬೇಕು. ಅರಣ್ಯೀಕರಣಕ್ಕೆ ಹೆಚ್ಚಿನ ಒತ್ತು ನೀಡಬೇಕು ಎಂದು ಸಲಹೆ ನೀಡಿದರು. ಕಾರ್ಯಾಗಾರದಲ್ಲಿ ವಿವಿಧ ಇಲಾಖೆಗಳ ಅಧಿಕಾರಿಗಳು, ಜನಪ್ರತಿನಿಧಿಗಳು, ಗಣಿ ಕಂಪನಿಗಳ ಪ್ರತಿನಿಧಿಗಳು ಹಾಗೂ ಸ್ವಯಂಸೇವಾ ಸಂಸ್ಥೆಗಳ ಪದಾಧಿಕಾರಿಗಳು ಭಾಗವಹಿಸಿದ್ದರು.
ಗಣಿಬಾಧಿತ ಪ್ರದೇಶಗಳ ಸಮಗ್ರ ಅಭಿವೃದ್ಧಿಗೆ ಸರ್ಕಾರ, ಕಂಪನಿಗಳು ಹಾಗೂ ಸ್ಥಳೀಯರ ಸಹಭಾಗಿತ್ವ ಅತ್ಯಂತ ಮುಖ್ಯವಾಗಿದೆ ಎಂದು ಡಾ.ಸಲಾಂ ಅಬ್ದುಲ್ ಹೇಳಿದರು. ತಾಲೂಕಿನ ಸಭಾಂಗಣದಲ್ಲಿ ಆಯೋಜಿಸಿದ್ದ ಗಣಿಬಾಧಿತ ಪ್ರದೇಶಗಳ ಅಭಿವೃದ್ಧಿ ಕುರಿತ ಕಾರ್ಯಾಗಾರದಲ್ಲಿ ಅವರು ಮಾತನಾಡಿದರು. ಗಣಿಗಾರಿಕೆಯಿಂದ ಪರಿಸರದ ಮೇಲೆ ದುಷ್ಪರಿಣಾಮ ಉಂಟಾಗುತ್ತಿದೆ. ಇದನ್ನು ತಡೆಗಟ್ಟಲು ಸಮರ್ಪಕ ಯೋಜನೆಗಳನ್ನು ರೂಪಿಸಬೇಕು. ಆರೋಗ್ಯ, ಶಿಕ್ಷಣ, ಕುಡಿಯುವ ನೀರು, ರಸ್ತೆ ಸೇರಿದಂತೆ ಮೂಲಸೌಕರ್ಯಗಳ ಅಭಿವೃದ್ಧಿಗೆ ಆದ್ಯತೆ ನೀಡಬೇಕು. ಕೆಎಂಇಆರ್‌ಸಿ ಅನುದಾನವನ್ನು ಸದ್ಬಳಕೆ ಮಾಡಿಕೊಳ್ಳಬೇಕು ಎಂದರು. ಸ್ಥಳೀಯ ಯುವಕರಿಗೆ ಉದ್ಯೋಗಾವಕಾಶ ಕಲ್ಪಿಸಬೇಕು. ಕೃಷಿ ಹಾಗೂ ಪಶುಸಂಗೋಪನೆಗೆ ಉತ್ತೇಜನ ನೀಡಬೇಕು. ಅರಣ್ಯೀಕರಣಕ್ಕೆ ಹೆಚ್ಚಿನ ಒತ್ತು ನೀಡಬೇಕು ಎಂದು ಸಲಹೆ ನೀಡಿದರು. ಕಾರ್ಯಾಗಾರದಲ್ಲಿ ವಿವಿಧ ಇಲಾಖೆಗಳ ಅಧಿಕಾರಿಗಳು, ಜನಪ್ರತಿನಿಧಿಗಳು, ಗಣಿ ಕಂಪನಿಗಳ ಪ್ರತಿನಿಧಿಗಳು ಹಾಗೂ ಸ್ವಯಂಸೇವಾ ಸಂಸ್ಥೆಗಳ ಪದಾಧಿಕಾರಿಗಳು ಭಾಗವಹಿಸಿದ್ದರು.
